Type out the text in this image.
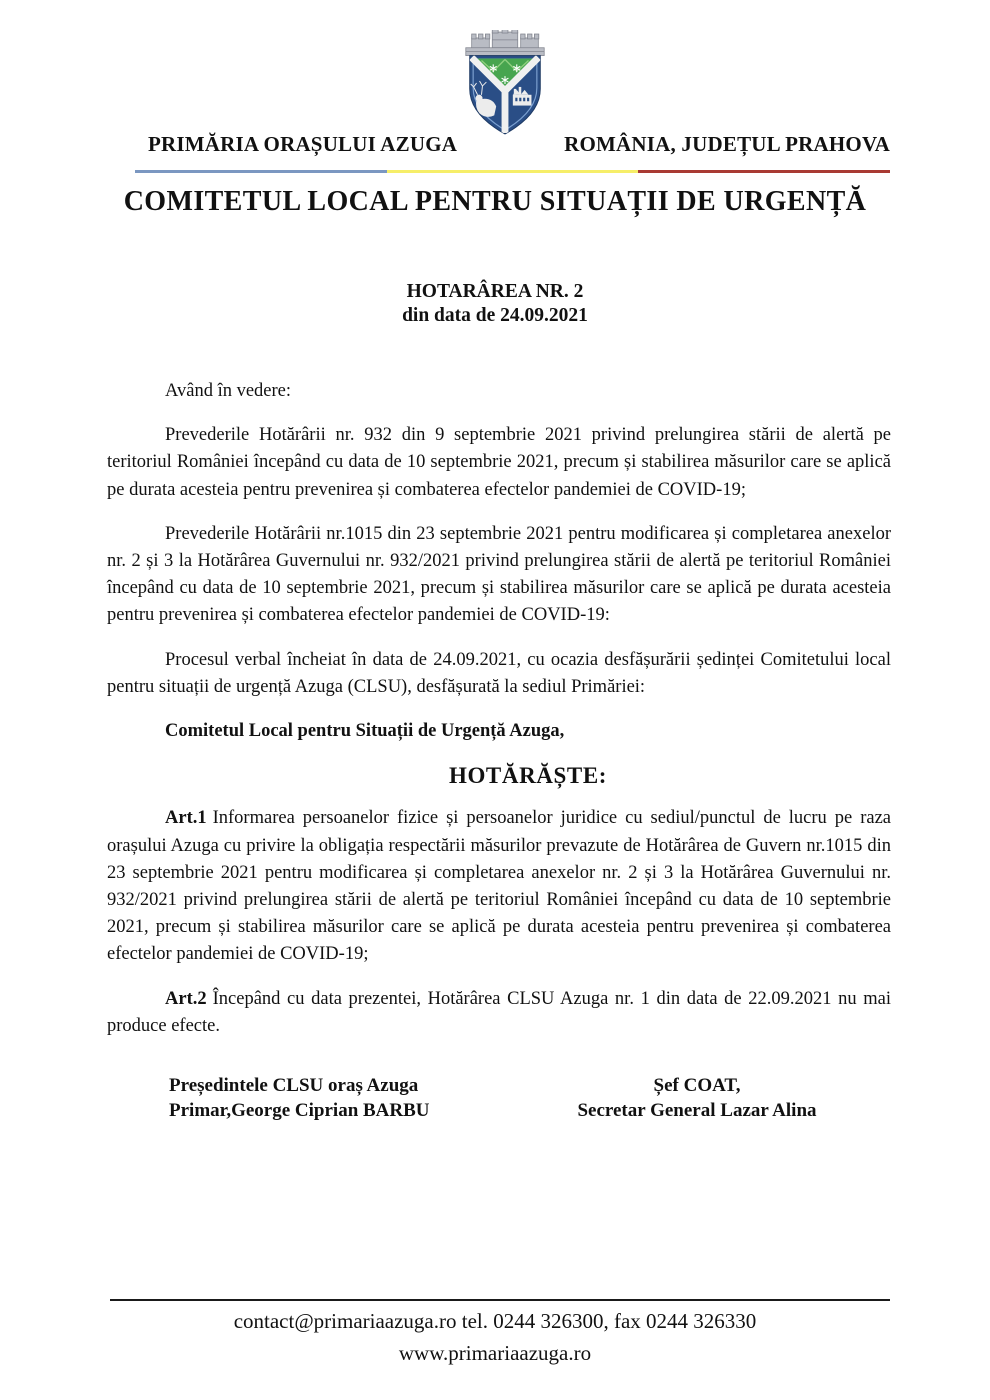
PRIMĂRIA ORAȘULUI AZUGA	ROMÂNIA, JUDEȚUL PRAHOVA
COMITETUL LOCAL PENTRU SITUAȚII DE URGENȚĂ
HOTARÂREA NR. 2
din data de 24.09.2021

Având în vedere:

Prevederile Hotărârii nr. 932 din 9 septembrie 2021 privind prelungirea stării de alertă pe teritoriul României începând cu data de 10 septembrie 2021, precum și stabilirea măsurilor care se aplică pe durata acesteia pentru prevenirea și combaterea efectelor pandemiei de COVID-19;

Prevederile Hotărârii nr.1015 din 23 septembrie 2021 pentru modificarea și completarea anexelor nr. 2 și 3 la Hotărârea Guvernului nr. 932/2021 privind prelungirea stării de alertă pe teritoriul României începând cu data de 10 septembrie 2021, precum și stabilirea măsurilor care se aplică pe durata acesteia pentru prevenirea și combaterea efectelor pandemiei de COVID-19:

Procesul verbal încheiat în data de 24.09.2021, cu ocazia desfășurării ședinței Comitetului local pentru situații de urgență Azuga (CLSU), desfășurată la sediul Primăriei:

Comitetul Local pentru Situații de Urgență Azuga,

HOTĂRĂȘTE:

Art.1 Informarea persoanelor fizice și persoanelor juridice cu sediul/punctul de lucru pe raza orașului Azuga cu privire la obligația respectării măsurilor prevazute de Hotărârea de Guvern nr.1015 din 23 septembrie 2021 pentru modificarea și completarea anexelor nr. 2 și 3 la Hotărârea Guvernului nr. 932/2021 privind prelungirea stării de alertă pe teritoriul României începând cu data de 10 septembrie 2021, precum și stabilirea măsurilor care se aplică pe durata acesteia pentru prevenirea și combaterea efectelor pandemiei de COVID-19;

Art.2 Începând cu data prezentei, Hotărârea CLSU Azuga nr. 1 din data de 22.09.2021 nu mai produce efecte.

Președintele CLSU oraș Azuga
Primar,George Ciprian BARBU
Șef COAT,
Secretar General Lazar Alina
contact@primariaazuga.ro tel. 0244 326300, fax 0244 326330
www.primariaazuga.ro
